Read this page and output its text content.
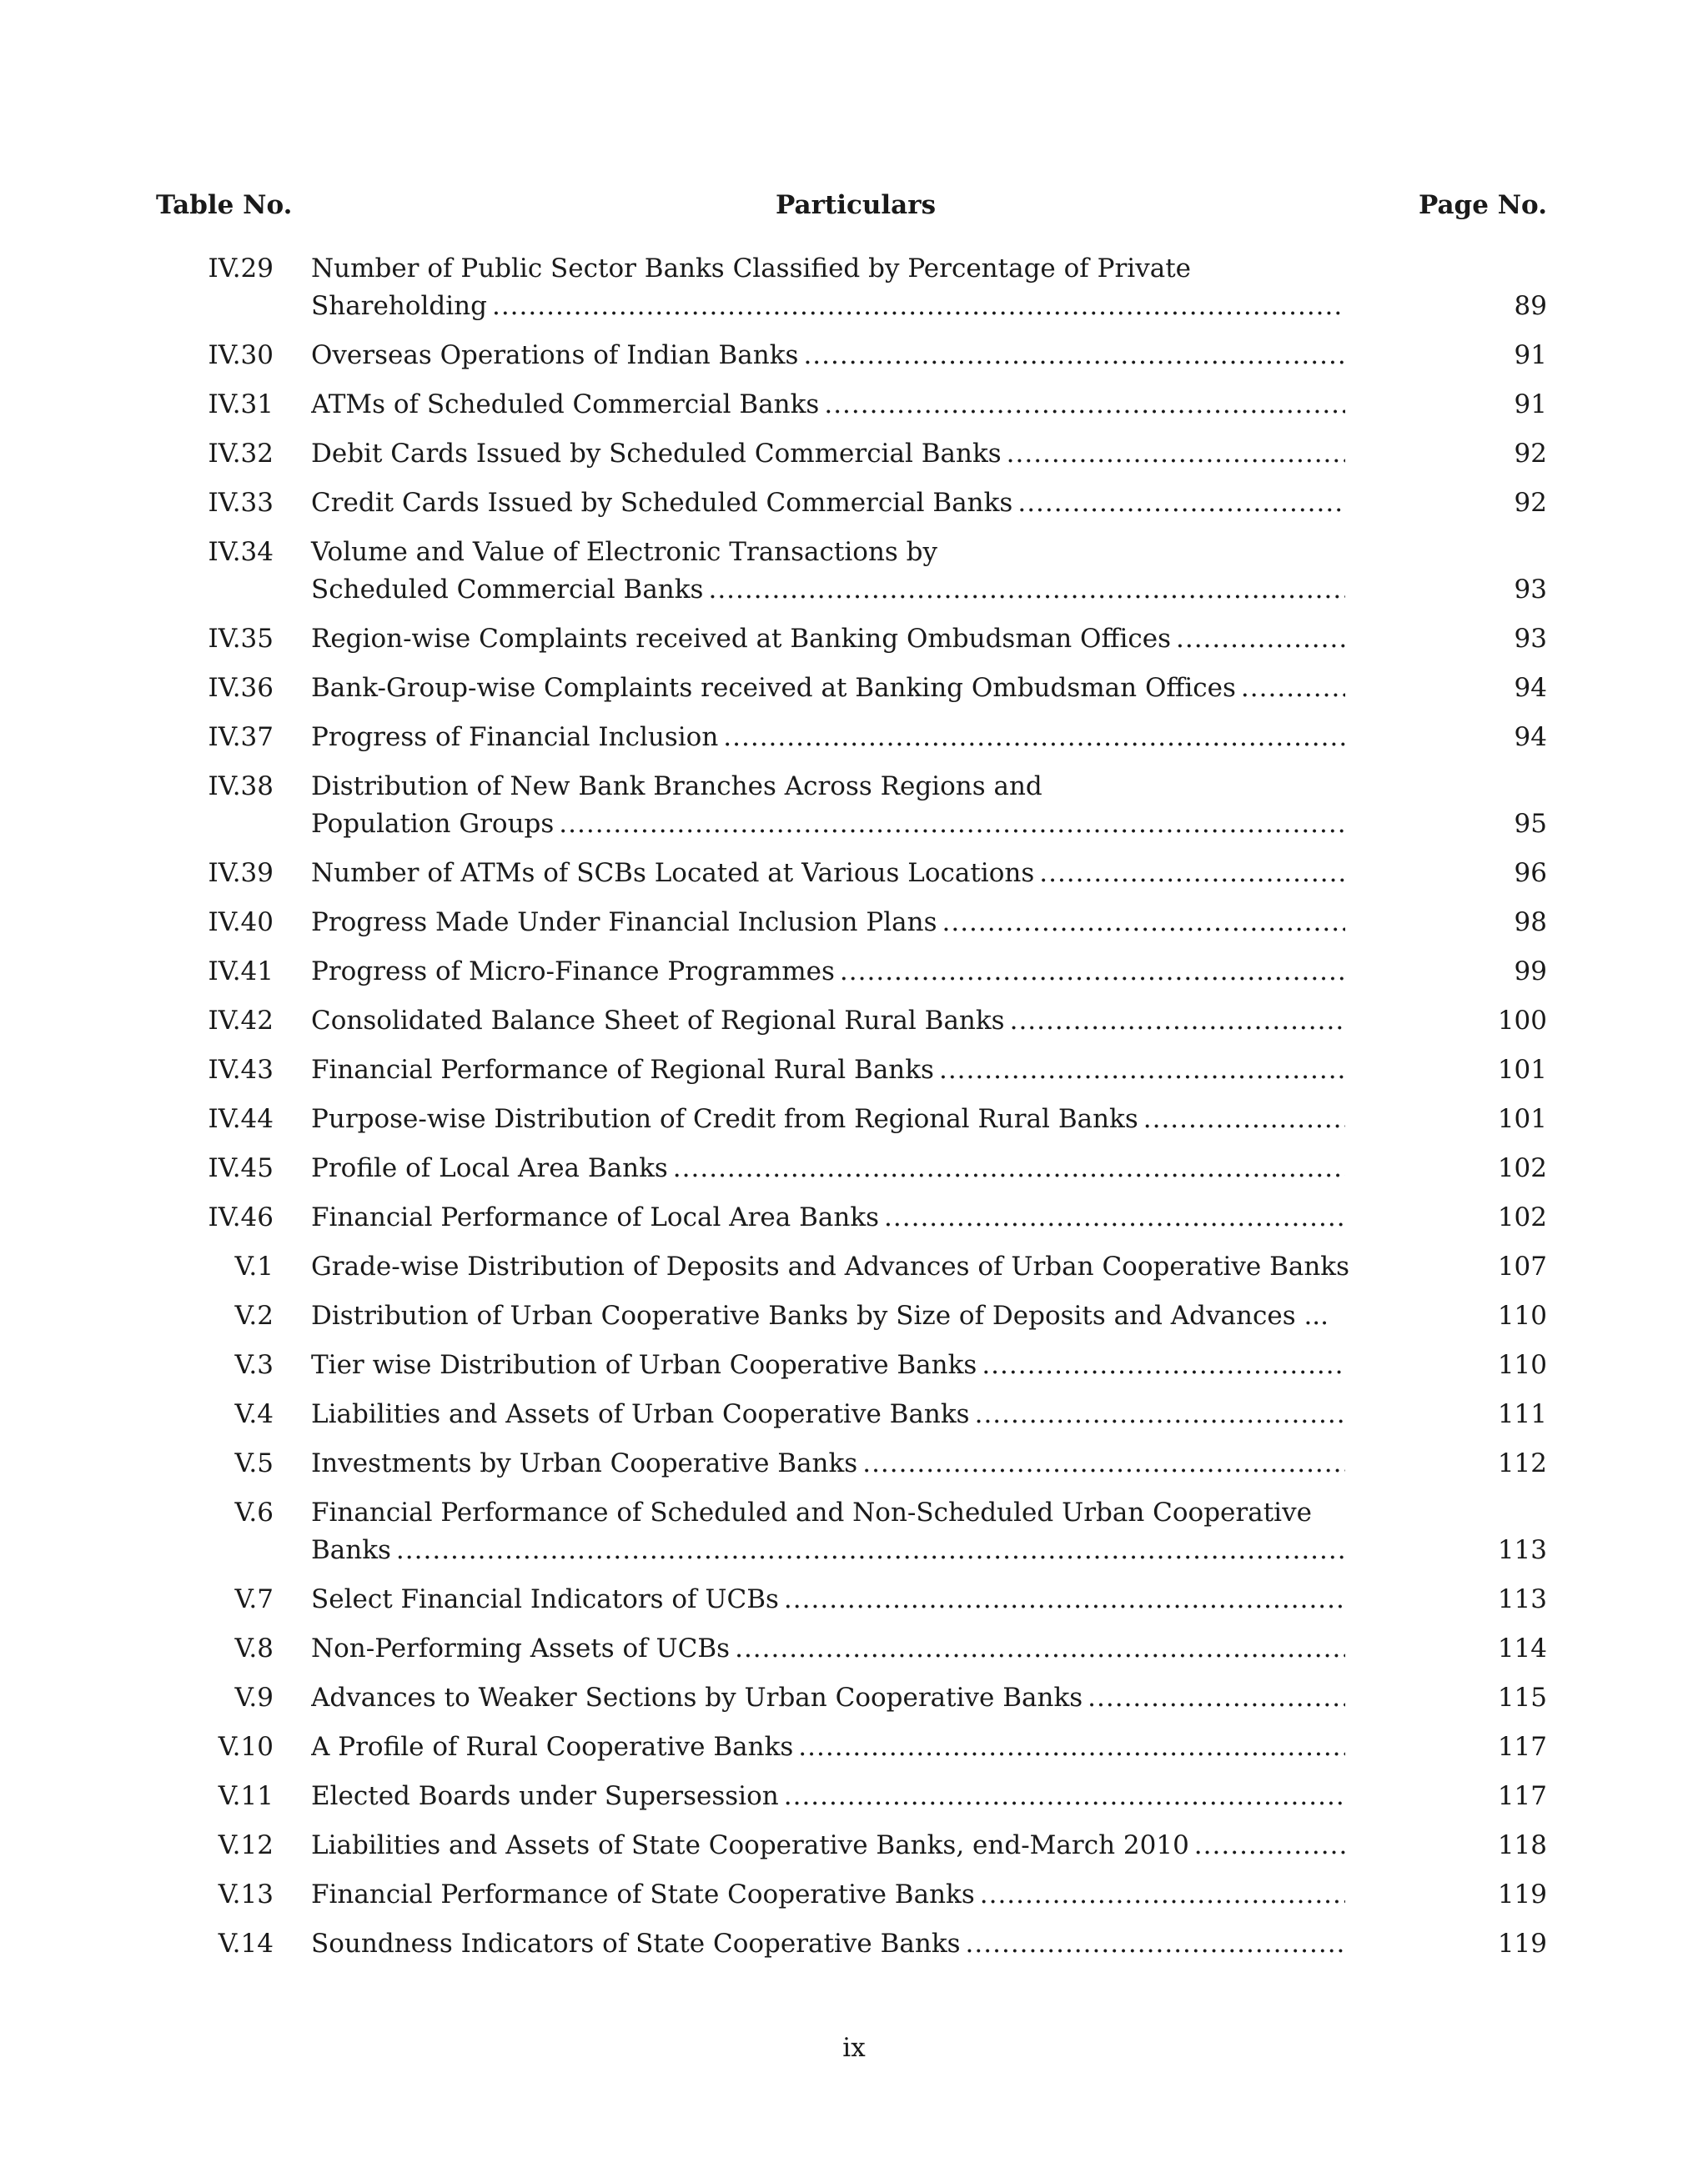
Table No.	Particulars	Page No.
IV.29 Number of Public Sector Banks Classified by Percentage of Private
Shareholding .....	89
IV.30 Overseas Operations of Indian Banks .....	91
IV.31 ATMs of Scheduled Commercial Banks .....	91
IV.32 Debit Cards Issued by Scheduled Commercial Banks .....	92
IV.33 Credit Cards Issued by Scheduled Commercial Banks .....	92
IV.34 Volume and Value of Electronic Transactions by
Scheduled Commercial Banks .....	93
IV.35 Region-wise Complaints received at Banking Ombudsman Offices .....	93
IV.36 Bank-Group-wise Complaints received at Banking Ombudsman Offices .....	94
IV.37 Progress of Financial Inclusion .....	94
IV.38 Distribution of New Bank Branches Across Regions and
Population Groups .....	95
IV.39 Number of ATMs of SCBs Located at Various Locations .....	96
IV.40 Progress Made Under Financial Inclusion Plans .....	98
IV.41 Progress of Micro-Finance Programmes .....	99
IV.42 Consolidated Balance Sheet of Regional Rural Banks .....	100
IV.43 Financial Performance of Regional Rural Banks .....	101
IV.44 Purpose-wise Distribution of Credit from Regional Rural Banks .....	101
IV.45 Profile of Local Area Banks .....	102
IV.46 Financial Performance of Local Area Banks .....	102
V.1 Grade-wise Distribution of Deposits and Advances of Urban Cooperative Banks	107
V.2 Distribution of Urban Cooperative Banks by Size of Deposits and Advances ...	110
V.3 Tier wise Distribution of Urban Cooperative Banks .....	110
V.4 Liabilities and Assets of Urban Cooperative Banks .....	111
V.5 Investments by Urban Cooperative Banks .....	112
V.6 Financial Performance of Scheduled and Non-Scheduled Urban Cooperative
Banks .....	113
V.7 Select Financial Indicators of UCBs .....	113
V.8 Non-Performing Assets of UCBs .....	114
V.9 Advances to Weaker Sections by Urban Cooperative Banks .....	115
V.10 A Profile of Rural Cooperative Banks .....	117
V.11 Elected Boards under Supersession .....	117
V.12 Liabilities and Assets of State Cooperative Banks, end-March 2010 .....	118
V.13 Financial Performance of State Cooperative Banks .....	119
V.14 Soundness Indicators of State Cooperative Banks .....	119
ix
